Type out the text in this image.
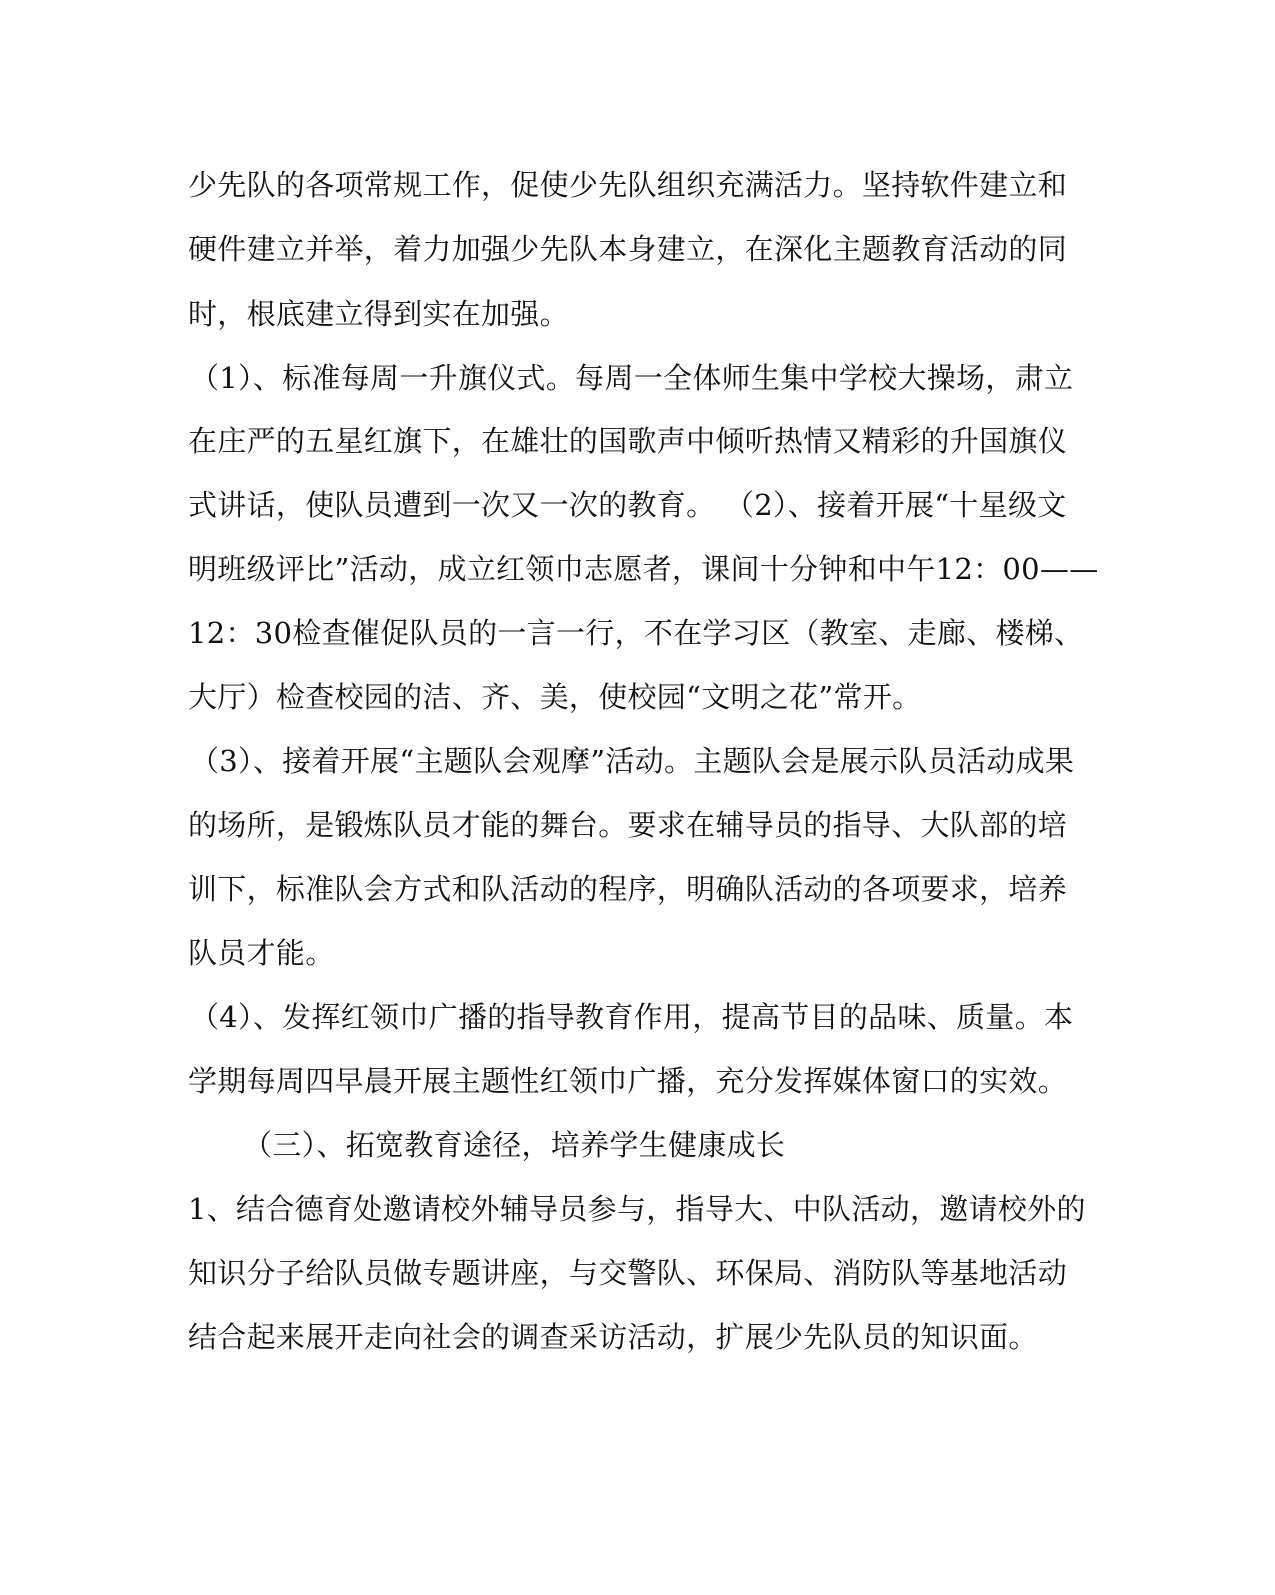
少先队的各项常规工作，促使少先队组织充满活力。坚持软件建立和
硬件建立并举，着力加强少先队本身建立，在深化主题教育活动的同
时，根底建立得到实在加强。
（1）、标准每周一升旗仪式。每周一全体师生集中学校大操场，肃立
在庄严的五星红旗下，在雄壮的国歌声中倾听热情又精彩的升国旗仪
式讲话，使队员遭到一次又一次的教育。 （2）、接着开展“十星级文
明班级评比”活动，成立红领巾志愿者，课间十分钟和中午12：00——
12：30检查催促队员的一言一行，不在学习区（教室、走廊、楼梯、
大厅）检查校园的洁、齐、美，使校园“文明之花”常开。
（3）、接着开展“主题队会观摩”活动。主题队会是展示队员活动成果
的场所，是锻炼队员才能的舞台。要求在辅导员的指导、大队部的培
训下，标准队会方式和队活动的程序，明确队活动的各项要求，培养
队员才能。
（4）、发挥红领巾广播的指导教育作用，提高节目的品味、质量。本
学期每周四早晨开展主题性红领巾广播，充分发挥媒体窗口的实效。
（三）、拓宽教育途径，培养学生健康成长
1、结合德育处邀请校外辅导员参与，指导大、中队活动，邀请校外的
知识分子给队员做专题讲座，与交警队、环保局、消防队等基地活动
结合起来展开走向社会的调查采访活动，扩展少先队员的知识面。
